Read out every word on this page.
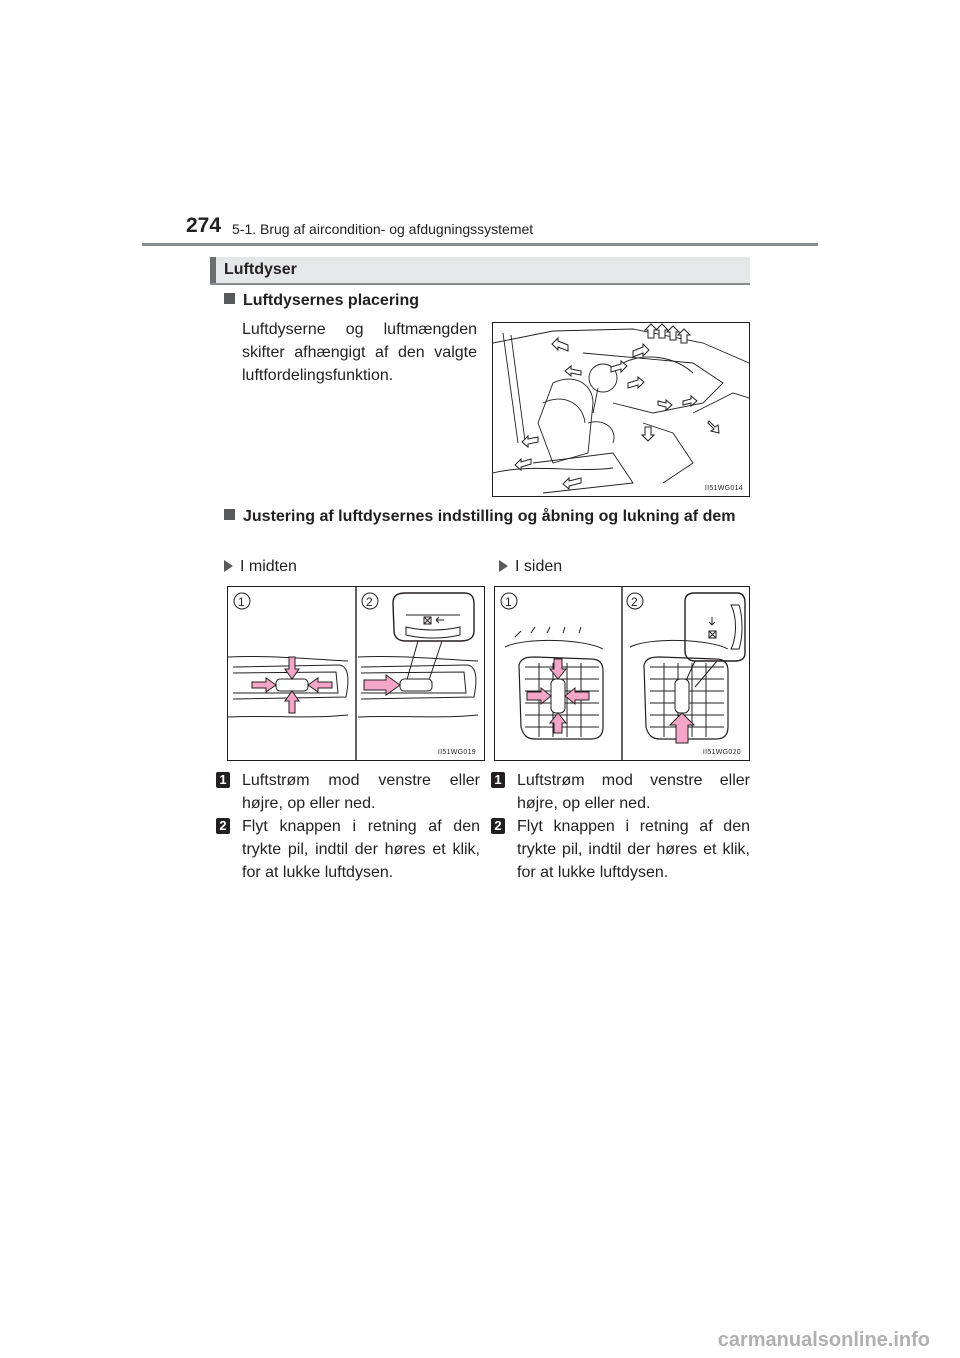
274 5-1. Brug af aircondition- og afdugningssystemet
Luftdyser
Luftdysernes placering
Luftdyserne og luftmængden skifter afhængigt af den valgte luftfordelingsfunktion.
II51WG014
Justering af luftdysernes indstilling og åbning og lukning af dem
I midten	I siden
1	2
II51WG019
1	2
II51WG020
1 Luftstrøm mod venstre eller højre, op eller ned.
2 Flyt knappen i retning af den trykte pil, indtil der høres et klik, for at lukke luftdysen.
1 Luftstrøm mod venstre eller højre, op eller ned.
2 Flyt knappen i retning af den trykte pil, indtil der høres et klik, for at lukke luftdysen.
carmanualsonline.info
